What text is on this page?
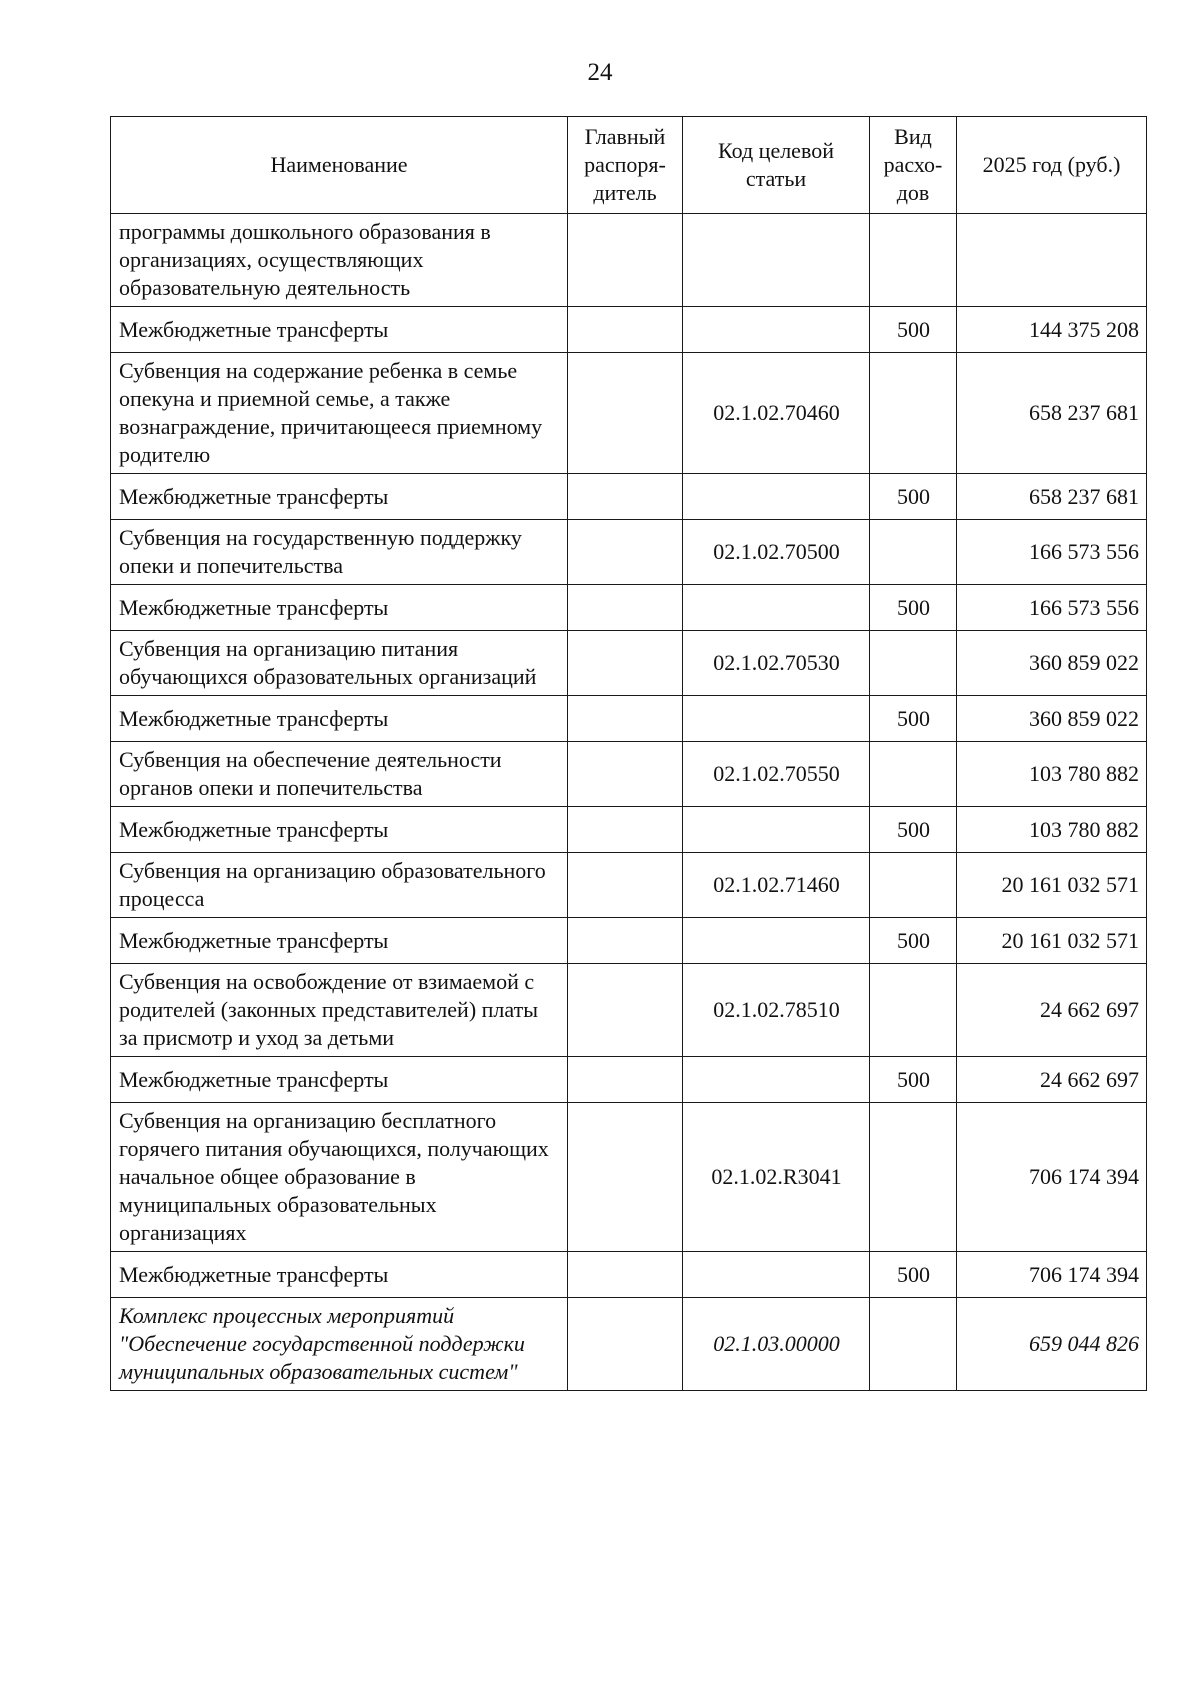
24
Наименование	Главный распоря-дитель	Код целевой статьи	Вид расхо-дов	2025 год (руб.)
программы дошкольного образования в организациях, осуществляющих образовательную деятельность				
Межбюджетные трансферты			500	144 375 208
Субвенция на содержание ребенка в семье опекуна и приемной семье, а также вознаграждение, причитающееся приемному родителю		02.1.02.70460		658 237 681
Межбюджетные трансферты			500	658 237 681
Субвенция на государственную поддержку опеки и попечительства		02.1.02.70500		166 573 556
Межбюджетные трансферты			500	166 573 556
Субвенция на организацию питания обучающихся образовательных организаций		02.1.02.70530		360 859 022
Межбюджетные трансферты			500	360 859 022
Субвенция на обеспечение деятельности органов опеки и попечительства		02.1.02.70550		103 780 882
Межбюджетные трансферты			500	103 780 882
Субвенция на организацию образовательного процесса		02.1.02.71460		20 161 032 571
Межбюджетные трансферты			500	20 161 032 571
Субвенция на освобождение от взимаемой с родителей (законных представителей) платы за присмотр и уход за детьми		02.1.02.78510		24 662 697
Межбюджетные трансферты			500	24 662 697
Субвенция на организацию бесплатного горячего питания обучающихся, получающих начальное общее образование в муниципальных образовательных организациях		02.1.02.R3041		706 174 394
Межбюджетные трансферты			500	706 174 394
Комплекс процессных мероприятий "Обеспечение государственной поддержки муниципальных образовательных систем"		02.1.03.00000		659 044 826
